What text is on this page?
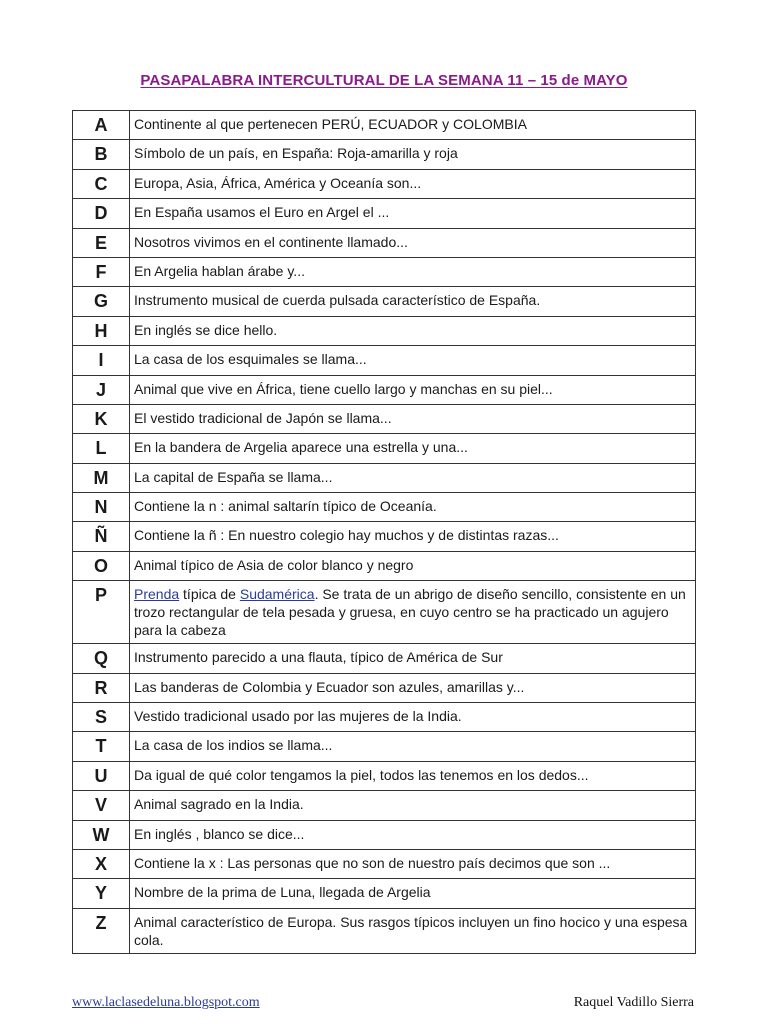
PASAPALABRA INTERCULTURAL DE LA SEMANA 11 – 15 de MAYO
A	Continente al que pertenecen PERÚ, ECUADOR y COLOMBIA
B	Símbolo de un país, en España: Roja-amarilla y roja
C	Europa, Asia, África, América y Oceanía son...
D	En España usamos el Euro en Argel el ...
E	Nosotros vivimos en el continente llamado...
F	En Argelia hablan árabe y...
G	Instrumento musical de cuerda pulsada característico de España.
H	En inglés se dice hello.
I	La casa de los esquimales se llama...
J	Animal que vive en África, tiene cuello largo y manchas en su piel...
K	El vestido tradicional de Japón se llama...
L	En la bandera de Argelia aparece una estrella y una...
M	La capital de España se llama...
N	Contiene la n : animal saltarín típico de Oceanía.
Ñ	Contiene la ñ : En nuestro colegio hay muchos y de distintas razas...
O	Animal típico de Asia de color blanco y negro
P	Prenda típica de Sudamérica. Se trata de un abrigo de diseño sencillo, consistente en un trozo rectangular de tela pesada y gruesa, en cuyo centro se ha practicado un agujero para la cabeza
Q	Instrumento parecido a una flauta, típico de América de Sur
R	Las banderas de Colombia y Ecuador son azules, amarillas y...
S	Vestido tradicional usado por las mujeres de la India.
T	La casa de los indios se llama...
U	Da igual de qué color tengamos la piel, todos las tenemos en los dedos...
V	Animal sagrado en la India.
W	En inglés , blanco se dice...
X	Contiene la x : Las personas que no son de nuestro país decimos que son ...
Y	Nombre de la prima de Luna, llegada de Argelia
Z	Animal característico de Europa. Sus rasgos típicos incluyen un fino hocico y una espesa cola.
www.laclasedeluna.blogspot.com	Raquel Vadillo Sierra
